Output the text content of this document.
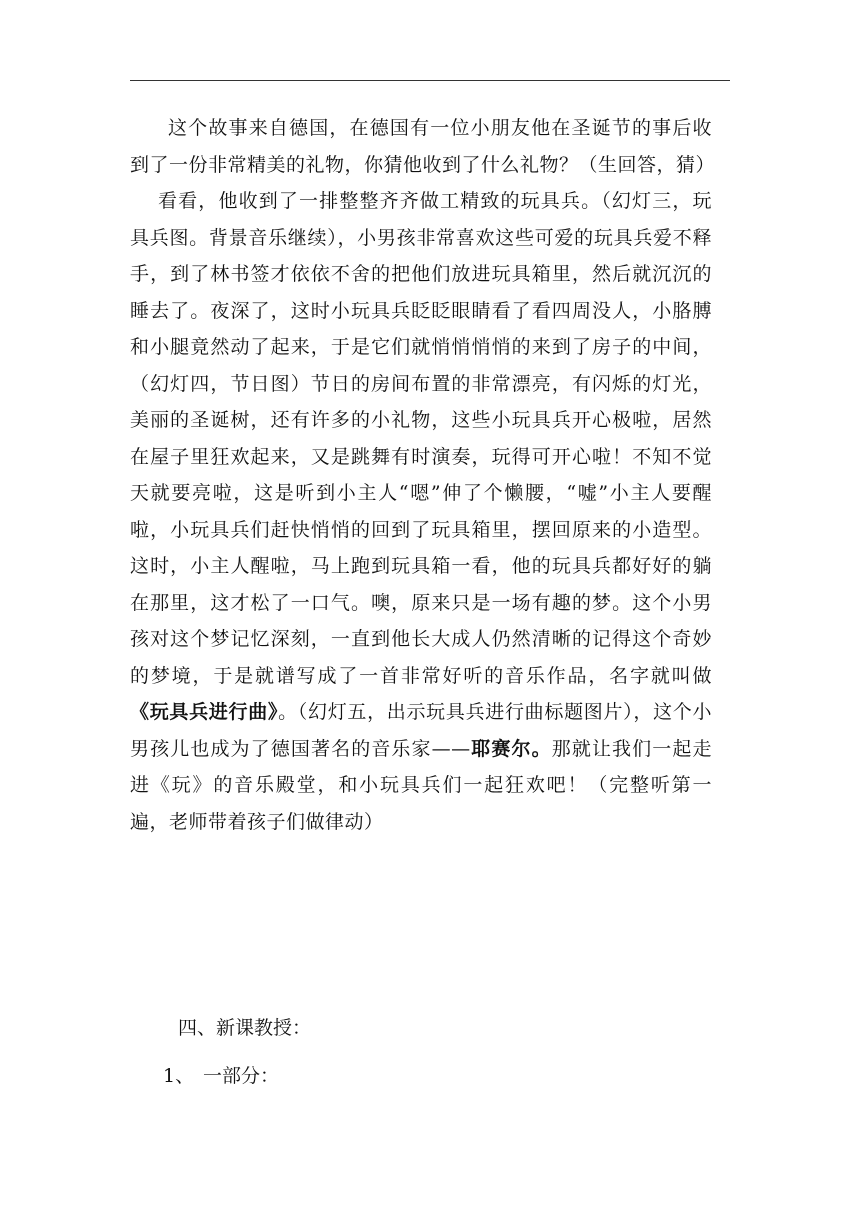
这个故事来自德国，在德国有一位小朋友他在圣诞节的事后收到了一份非常精美的礼物，你猜他收到了什么礼物？（生回答，猜）

看看，他收到了一排整整齐齐做工精致的玩具兵。（幻灯三，玩具兵图。背景音乐继续），小男孩非常喜欢这些可爱的玩具兵爱不释手，到了林书签才依依不舍的把他们放进玩具箱里，然后就沉沉的睡去了。夜深了，这时小玩具兵眨眨眼睛看了看四周没人，小胳膊和小腿竟然动了起来，于是它们就悄悄悄悄的来到了房子的中间，（幻灯四，节日图）节日的房间布置的非常漂亮，有闪烁的灯光，美丽的圣诞树，还有许多的小礼物，这些小玩具兵开心极啦，居然在屋子里狂欢起来，又是跳舞有时演奏，玩得可开心啦！不知不觉天就要亮啦，这是听到小主人“嗯”伸了个懒腰，“嘘”小主人要醒啦，小玩具兵们赶快悄悄的回到了玩具箱里，摆回原来的小造型。这时，小主人醒啦，马上跑到玩具箱一看，他的玩具兵都好好的躺在那里，这才松了一口气。噢，原来只是一场有趣的梦。这个小男孩对这个梦记忆深刻，一直到他长大成人仍然清晰的记得这个奇妙的梦境，于是就谱写成了一首非常好听的音乐作品，名字就叫做《玩具兵进行曲》。（幻灯五，出示玩具兵进行曲标题图片），这个小男孩儿也成为了德国著名的音乐家——耶赛尔。那就让我们一起走进《玩》的音乐殿堂，和小玩具兵们一起狂欢吧！（完整听第一遍，老师带着孩子们做律动）

四、新课教授：
1、 一部分：
